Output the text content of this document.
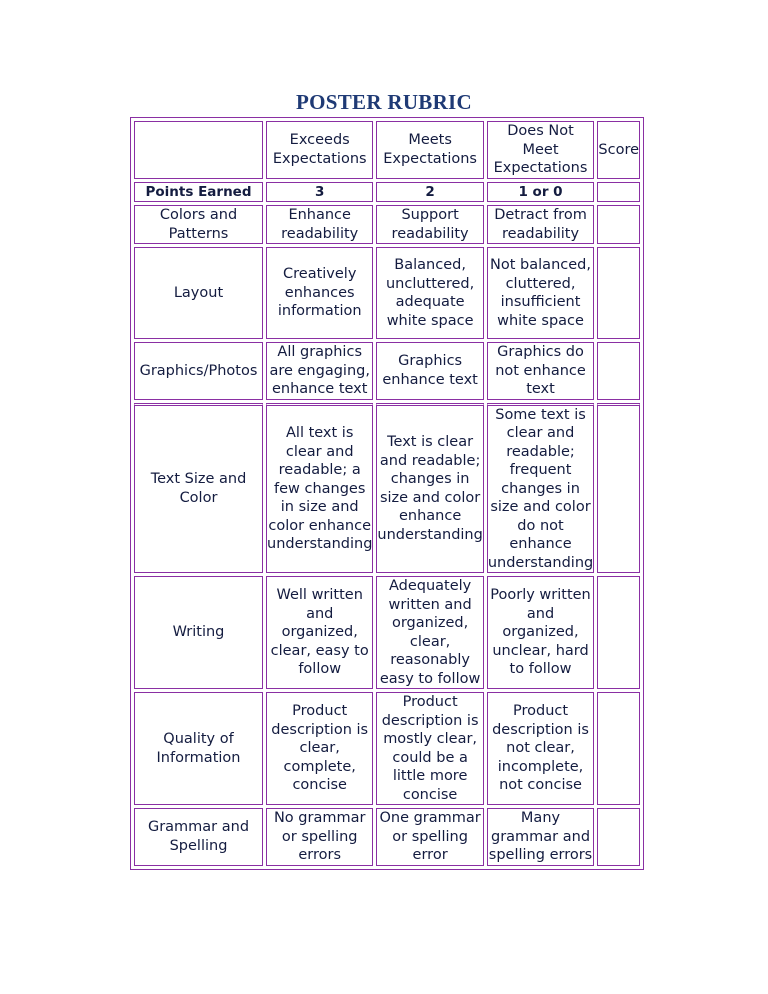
POSTER RUBRIC
	Exceeds Expectations	Meets Expectations	Does Not Meet Expectations	Score
Points Earned	3	2	1 or 0	
Colors and Patterns	Enhance readability	Support readability	Detract from readability	
Layout	Creatively enhances information	Balanced, uncluttered, adequate white space	Not balanced, cluttered, insufficient white space	
Graphics/Photos	All graphics are engaging, enhance text	Graphics enhance text	Graphics do not enhance text	
Text Size and Color	All text is clear and readable; a few changes in size and color enhance understanding	Text is clear and readable; changes in size and color enhance understanding	Some text is clear and readable; frequent changes in size and color do not enhance understanding	
Writing	Well written and organized, clear, easy to follow	Adequately written and organized, clear, reasonably easy to follow	Poorly written and organized, unclear, hard to follow	
Quality of Information	Product description is clear, complete, concise	Product description is mostly clear, could be a little more concise	Product description is not clear, incomplete, not concise	
Grammar and Spelling	No grammar or spelling errors	One grammar or spelling error	Many grammar and spelling errors	
